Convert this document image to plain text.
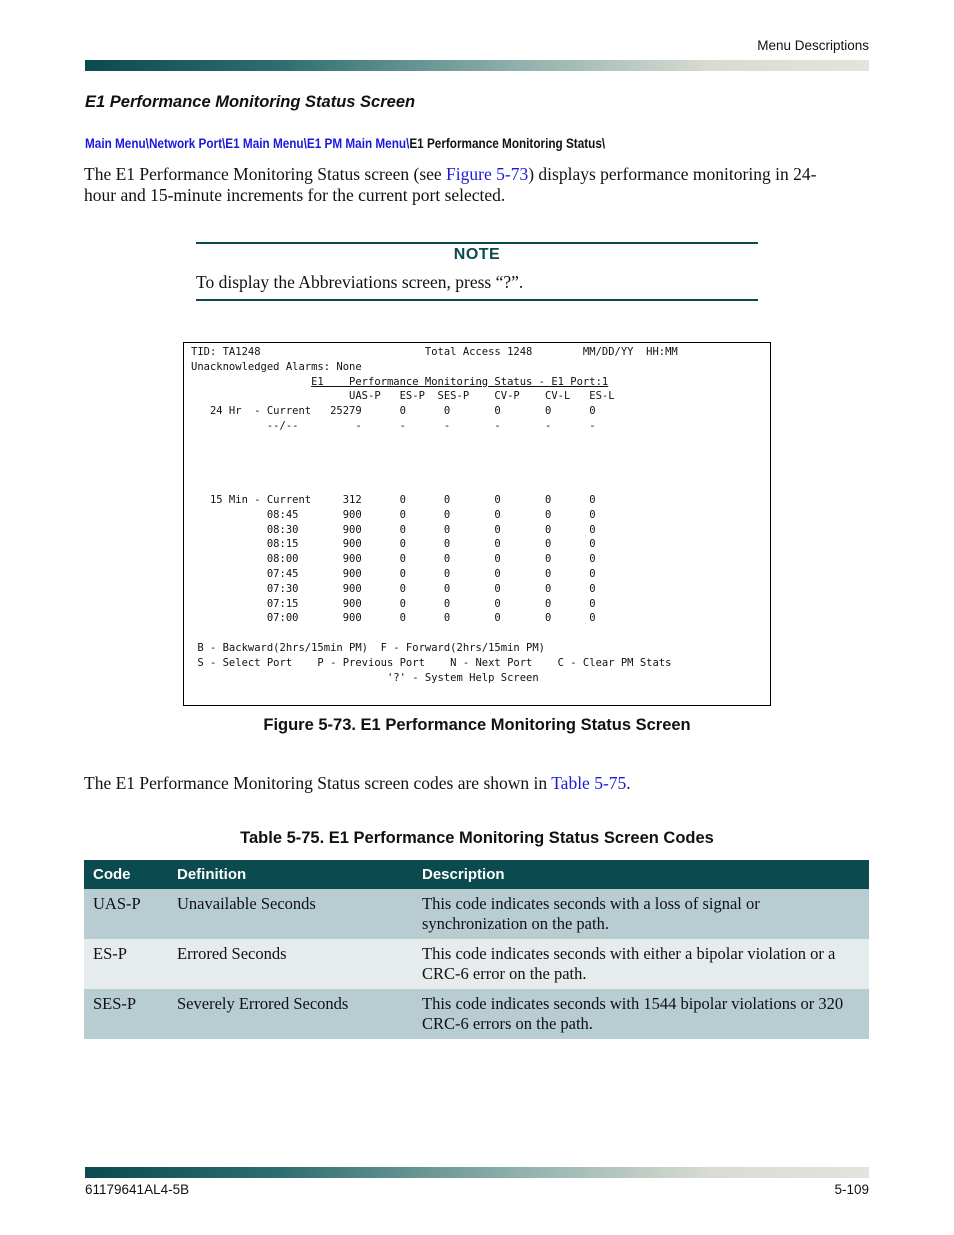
Menu Descriptions
E1 Performance Monitoring Status Screen
Main Menu\Network Port\E1 Main Menu\E1 PM Main Menu\E1 Performance Monitoring Status\
The E1 Performance Monitoring Status screen (see Figure 5-73) displays performance monitoring in 24-hour and 15-minute increments for the current port selected.
NOTE
To display the Abbreviations screen, press “?”.
TID: TA1248                          Total Access 1248        MM/DD/YY  HH:MM
Unacknowledged Alarms: None
E1    Performance Monitoring Status - E1 Port:1
UAS-P   ES-P  SES-P    CV-P    CV-L   ES-L
24 Hr  - Current   25279      0      0       0       0      0
--/--         -      -      -       -       -      -

15 Min - Current     312      0      0       0       0      0
08:45       900      0      0       0       0      0
08:30       900      0      0       0       0      0
08:15       900      0      0       0       0      0
08:00       900      0      0       0       0      0
07:45       900      0      0       0       0      0
07:30       900      0      0       0       0      0
07:15       900      0      0       0       0      0
07:00       900      0      0       0       0      0

B - Backward(2hrs/15min PM)  F - Forward(2hrs/15min PM)
S - Select Port    P - Previous Port    N - Next Port    C - Clear PM Stats
'?' - System Help Screen
Figure 5-73. E1 Performance Monitoring Status Screen
The E1 Performance Monitoring Status screen codes are shown in Table 5-75.
Table 5-75. E1 Performance Monitoring Status Screen Codes
Code	Definition	Description
UAS-P	Unavailable Seconds	This code indicates seconds with a loss of signal or synchronization on the path.
ES-P	Errored Seconds	This code indicates seconds with either a bipolar violation or a CRC-6 error on the path.
SES-P	Severely Errored Seconds	This code indicates seconds with 1544 bipolar violations or 320 CRC-6 errors on the path.
61179641AL4-5B	5-109
